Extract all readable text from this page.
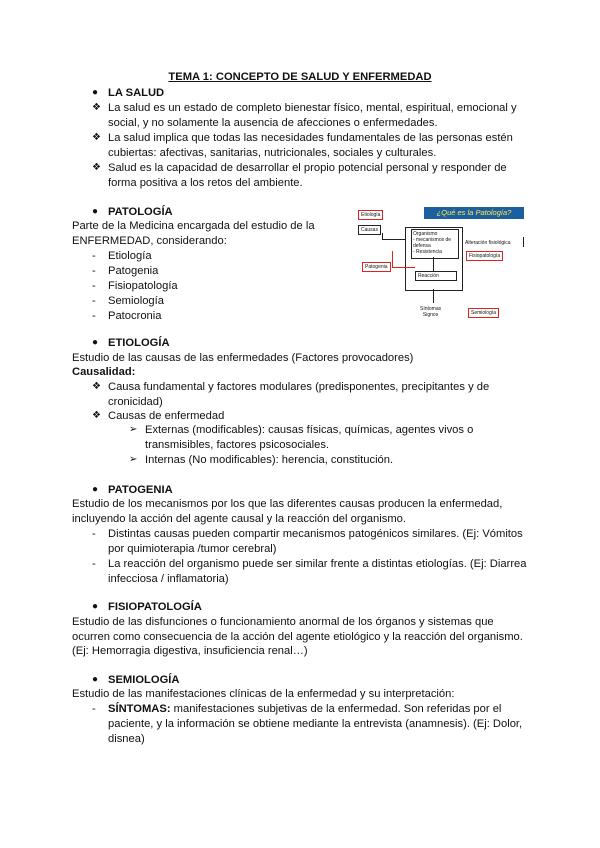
TEMA 1: CONCEPTO DE SALUD Y ENFERMEDAD
● LA SALUD
❖ La salud es un estado de completo bienestar físico, mental, espiritual, emocional y
social, y no solamente la ausencia de afecciones o enfermedades.
❖ La salud implica que todas las necesidades fundamentales de las personas estén
cubiertas: afectivas, sanitarias, nutricionales, sociales y culturales.
❖ Salud es la capacidad de desarrollar el propio potencial personal y responder de
forma positiva a los retos del ambiente.
● PATOLOGÍA
Parte de la Medicina encargada del estudio de la
ENFERMEDAD, considerando:
- Etiología
- Patogenia
- Fisiopatología
- Semiología
- Patocronia
¿Qué es la Patología?
Etiología
Causas
Organismo
- mecanismos de
defensa
- Resistencia
Reacción
Patogenia
Alteración fisiológica
Fisiopatología
Síntomas
Signos	Semiología
● ETIOLOGÍA
Estudio de las causas de las enfermedades (Factores provocadores)
Causalidad:
❖ Causa fundamental y factores modulares (predisponentes, precipitantes y de
cronicidad)
❖ Causas de enfermedad
➢ Externas (modificables): causas físicas, químicas, agentes vivos o
transmisibles, factores psicosociales.
➢ Internas (No modificables): herencia, constitución.
● PATOGENIA
Estudio de los mecanismos por los que las diferentes causas producen la enfermedad,
incluyendo la acción del agente causal y la reacción del organismo.
- Distintas causas pueden compartir mecanismos patogénicos similares. (Ej: Vómitos
por quimioterapia /tumor cerebral)
- La reacción del organismo puede ser similar frente a distintas etiologías. (Ej: Diarrea
infecciosa / inflamatoria)
● FISIOPATOLOGÍA
Estudio de las disfunciones o funcionamiento anormal de los órganos y sistemas que
ocurren como consecuencia de la acción del agente etiológico y la reacción del organismo.
(Ej: Hemorragia digestiva, insuficiencia renal…)
● SEMIOLOGÍA
Estudio de las manifestaciones clínicas de la enfermedad y su interpretación:
- SÍNTOMAS: manifestaciones subjetivas de la enfermedad. Son referidas por el
paciente, y la información se obtiene mediante la entrevista (anamnesis). (Ej: Dolor,
disnea)
